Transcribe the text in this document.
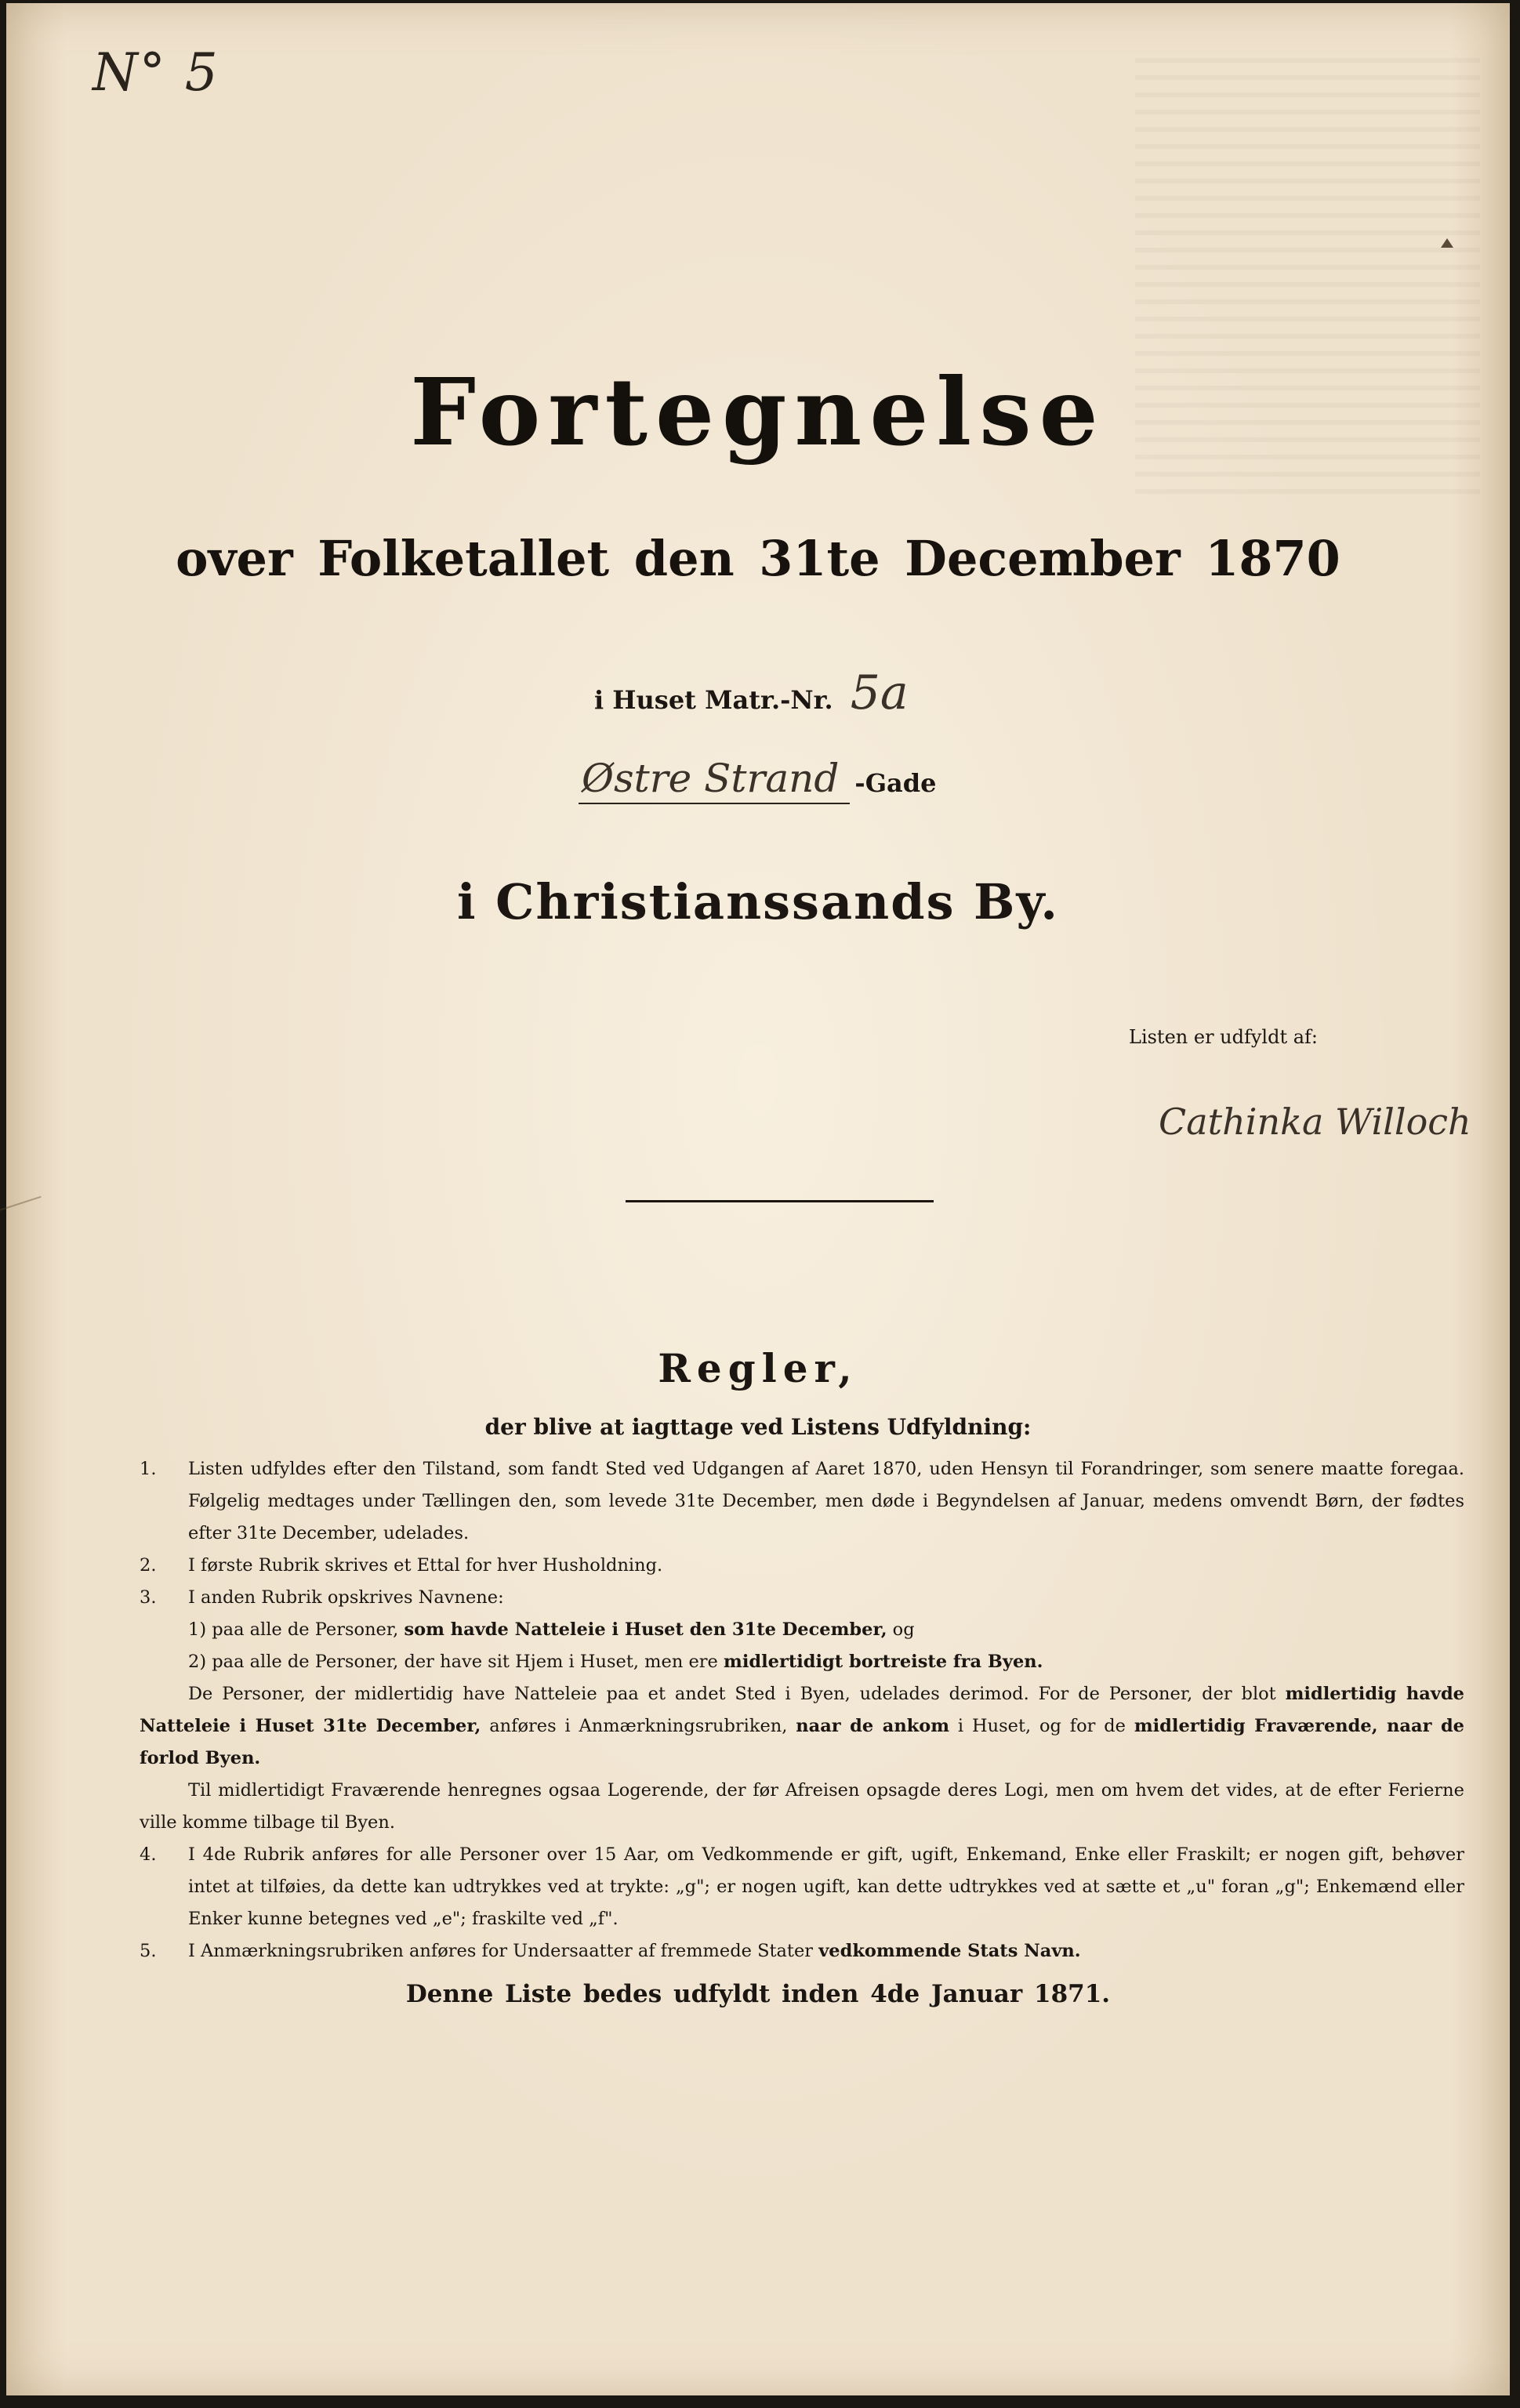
N° 5
Fortegnelse
over Folketallet den 31te December 1870
i Huset Matr.-Nr. 5a
Østre Strand -Gade
i Christianssands By.
Listen er udfyldt af:
Cathinka Willoch
Regler,
der blive at iagttage ved Listens Udfyldning:
1.	Listen udfyldes efter den Tilstand, som fandt Sted ved Udgangen af Aaret 1870, uden Hensyn til Forandringer, som senere maatte foregaa. Følgelig medtages under Tællingen den, som levede 31te December, men døde i Begyndelsen af Januar, medens omvendt Børn, der fødtes efter 31te December, udelades.
2.	I første Rubrik skrives et Ettal for hver Husholdning.
3.	I anden Rubrik opskrives Navnene:
1) paa alle de Personer, som havde Natteleie i Huset den 31te December, og
2) paa alle de Personer, der have sit Hjem i Huset, men ere midlertidigt bortreiste fra Byen.
De Personer, der midlertidig have Natteleie paa et andet Sted i Byen, udelades derimod. For de Personer, der blot midlertidig havde Natteleie i Huset 31te December, anføres i Anmærkningsrubriken, naar de ankom i Huset, og for de midlertidig Fraværende, naar de forlod Byen.
Til midlertidigt Fraværende henregnes ogsaa Logerende, der før Afreisen opsagde deres Logi, men om hvem det vides, at de efter Ferierne ville komme tilbage til Byen.
4.	I 4de Rubrik anføres for alle Personer over 15 Aar, om Vedkommende er gift, ugift, Enkemand, Enke eller Fraskilt; er nogen gift, behøver intet at tilføies, da dette kan udtrykkes ved at trykte: „g"; er nogen ugift, kan dette udtrykkes ved at sætte et „u" foran „g"; Enkemænd eller Enker kunne betegnes ved „e"; fraskilte ved „f".
5.	I Anmærkningsrubriken anføres for Undersaatter af fremmede Stater vedkommende Stats Navn.
Denne Liste bedes udfyldt inden 4de Januar 1871.
